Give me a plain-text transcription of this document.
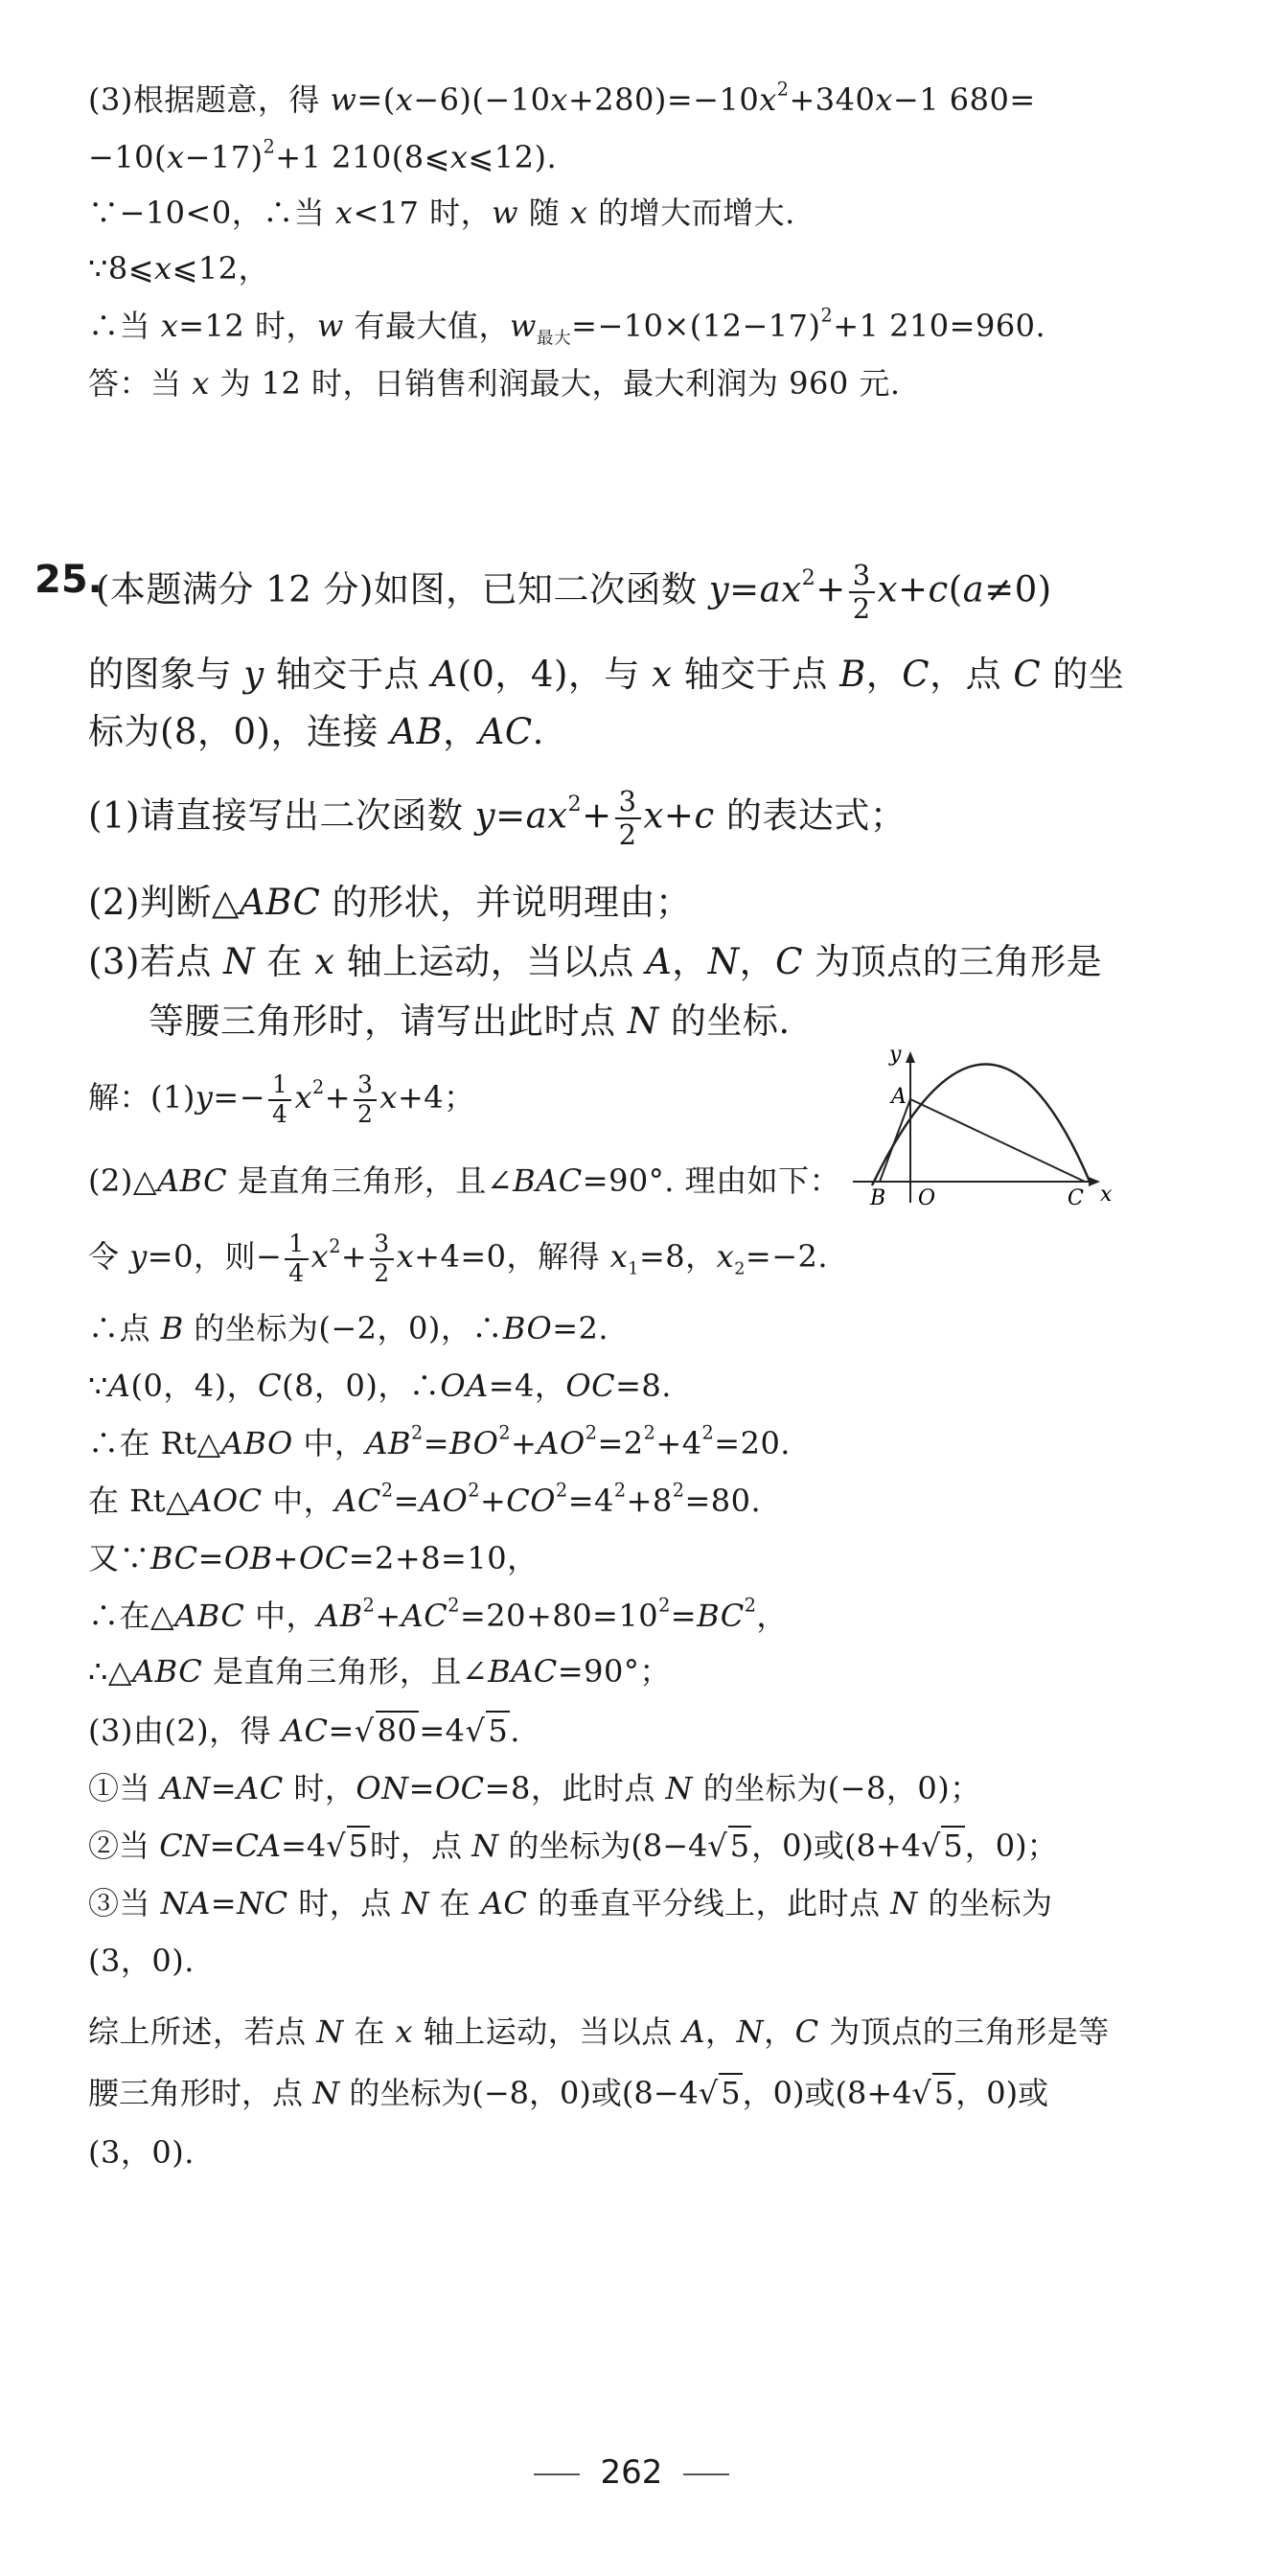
(3)根据题意，得 $w=(x-6)(-10x+280)=-10x^2+340x-1$ 680=
$-10(x-17)^2+1$ 210(8⩽x⩽12).
∵−10<0，∴当 x<17 时，w 随 x 的增大而增大.
∵8⩽x⩽12，
∴当 x=12 时，w 有最大值，$w_{最大}=-10\times(12-17)^2+1$ 210=960.
答：当 x 为 12 时，日销售利润最大，最大利润为 960 元.
25.
(本题满分 12 分)如图，已知二次函数 $y=ax^2+ \frac{3}{2} x+c(a\ne 0)$
的图象与 y 轴交于点 A(0，4)，与 x 轴交于点 B，C，点 C 的坐
标为(8，0)，连接 AB，AC.
(1)请直接写出二次函数 $y=ax^2+ \frac{3}{2} x+c$ 的表达式；
(2)判断△ABC 的形状，并说明理由；
(3)若点 N 在 x 轴上运动，当以点 A，N，C 为顶点的三角形是
等腰三角形时，请写出此时点 N 的坐标.
y
x
A
B O	C
解：$(1)y=- \frac{1}{4} x^2+ \frac{3}{2} x+4$；
(2)△ABC 是直角三角形，且∠BAC=90°. 理由如下：
令 y=0，则− $\frac{1}{4} x^2+ \frac{3}{2} x+4=0$，解得 $x_1=8$，$x_2=-2$.
∴点 B 的坐标为(−2，0)，∴BO=2.
∵A(0，4)，C(8，0)，∴OA=4，OC=8.
∴在 Rt△ABO 中，$AB^2=BO^2+AO^2=2^2+4^2=20$.
在 Rt△AOC 中，$AC^2=AO^2+CO^2=4^2+8^2=80$.
又∵BC=OB+OC=2+8=10，
∴在△ABC 中，$AB^2+AC^2=20+80=10^2=BC^2$，
∴△ABC 是直角三角形，且∠BAC=90°；
(3)由(2)，得 AC=√80=4√5.
①当 AN=AC 时，ON=OC=8，此时点 N 的坐标为(−8，0)；
②当 CN=CA=4√5时，点 N 的坐标为(8−4√5，0)或(8+4√5，0)；
③当 NA=NC 时，点 N 在 AC 的垂直平分线上，此时点 N 的坐标为
(3，0).
综上所述，若点 N 在 x 轴上运动，当以点 A，N，C 为顶点的三角形是等
腰三角形时，点 N 的坐标为(−8，0)或(8−4√5，0)或(8+4√5，0)或
(3，0).
262
